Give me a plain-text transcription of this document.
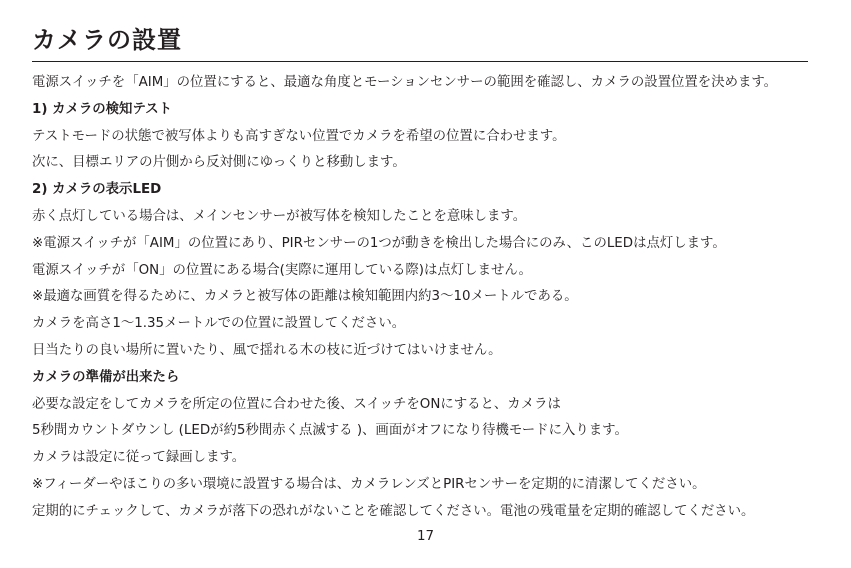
カメラの設置
電源スイッチを「AIM」の位置にすると、最適な角度とモーションセンサーの範囲を確認し、カメラの設置位置を決めます。
1) カメラの検知テスト
テストモードの状態で被写体よりも高すぎない位置でカメラを希望の位置に合わせます。
次に、目標エリアの片側から反対側にゆっくりと移動します。
2) カメラの表示LED
赤く点灯している場合は、メインセンサーが被写体を検知したことを意味します。
※電源スイッチが「AIM」の位置にあり、PIRセンサーの1つが動きを検出した場合にのみ、このLEDは点灯します。
電源スイッチが「ON」の位置にある場合(実際に運用している際)は点灯しません。
※最適な画質を得るために、カメラと被写体の距離は検知範囲内約3〜10メートルである。
カメラを高さ1〜1.35メートルでの位置に設置してください。
日当たりの良い場所に置いたり、風で揺れる木の枝に近づけてはいけません。
カメラの準備が出来たら
必要な設定をしてカメラを所定の位置に合わせた後、スイッチをONにすると、カメラは
5秒間カウントダウンし (LEDが約5秒間赤く点滅する )、画面がオフになり待機モードに入ります。
カメラは設定に従って録画します。
※フィーダーやほこりの多い環境に設置する場合は、カメラレンズとPIRセンサーを定期的に清潔してください。
定期的にチェックして、カメラが落下の恐れがないことを確認してください。電池の残電量を定期的確認してください。
17
